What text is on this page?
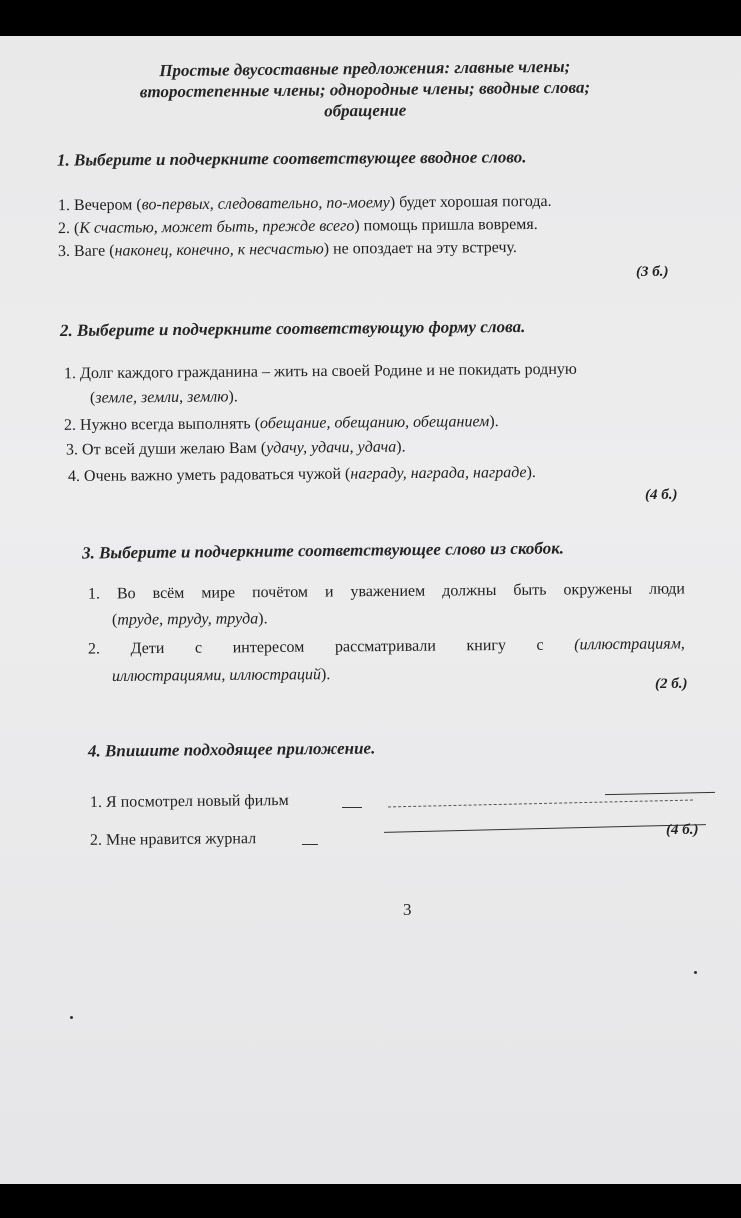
Простые двусоставные предложения: главные члены;
второстепенные члены; однородные члены; вводные слова;
обращение
1. Выберите и подчеркните соответствующее вводное слово.
1. Вечером (во-первых, следовательно, по-моему) будет хорошая погода.
2. (К счастью, может быть, прежде всего) помощь пришла вовремя.
3. Ваге (наконец, конечно, к несчастью) не опоздает на эту встречу.
(3 б.)
2. Выберите и подчеркните соответствующую форму слова.
1. Долг каждого гражданина – жить на своей Родине и не покидать родную
(земле, земли, землю).
2. Нужно всегда выполнять (обещание, обещанию, обещанием).
3. От всей души желаю Вам (удачу, удачи, удача).
4. Очень важно уметь радоваться чужой (награду, награда, награде).
(4 б.)
3. Выберите и подчеркните соответствующее слово из скобок.
1. Во всём мире почётом и уважением должны быть окружены люди
(труде, труду, труда).
2. Дети с интересом рассматривали книгу с (иллюстрациям,
иллюстрациями, иллюстраций).
(2 б.)
4. Впишите подходящее приложение.
1. Я посмотрел новый фильм
2. Мне нравится журнал
(4 б.)
3
